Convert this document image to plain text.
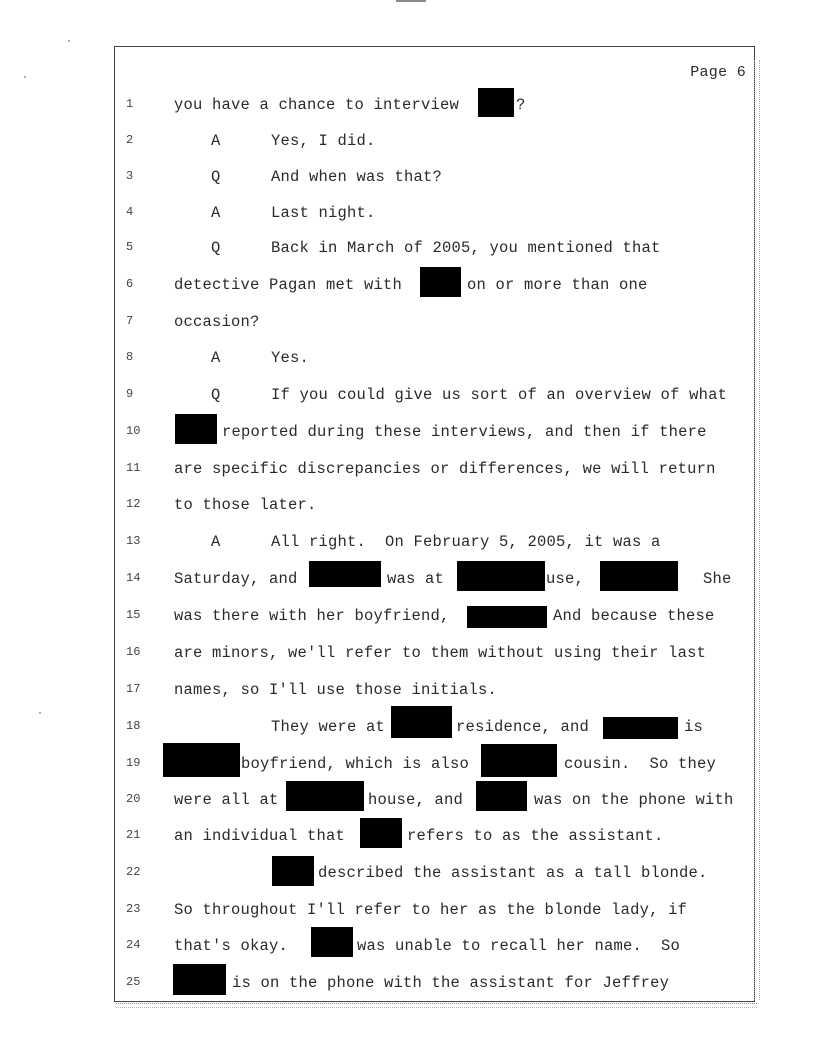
Page 6
1	you have a chance to interview	?
2	A	Yes, I did.
3	Q	And when was that?
4	A	Last night.
5	Q	Back in March of 2005, you mentioned that
6	detective Pagan met with	on or more than one
7	occasion?
8	A	Yes.
9	Q	If you could give us sort of an overview of what
10	reported during these interviews, and then if there
11	are specific discrepancies or differences, we will return
12	to those later.
13	A	All right.  On February 5, 2005, it was a
14	Saturday, and	was at	use,	She
15	was there with her boyfriend,	And because these
16	are minors, we'll refer to them without using their last
17	names, so I'll use those initials.
18	They were at	residence, and	is
19	boyfriend, which is also	cousin.  So they
20	were all at	house, and	was on the phone with
21	an individual that	refers to as the assistant.
22	described the assistant as a tall blonde.
23	So throughout I'll refer to her as the blonde lady, if
24	that's okay.	was unable to recall her name.  So
25	is on the phone with the assistant for Jeffrey
